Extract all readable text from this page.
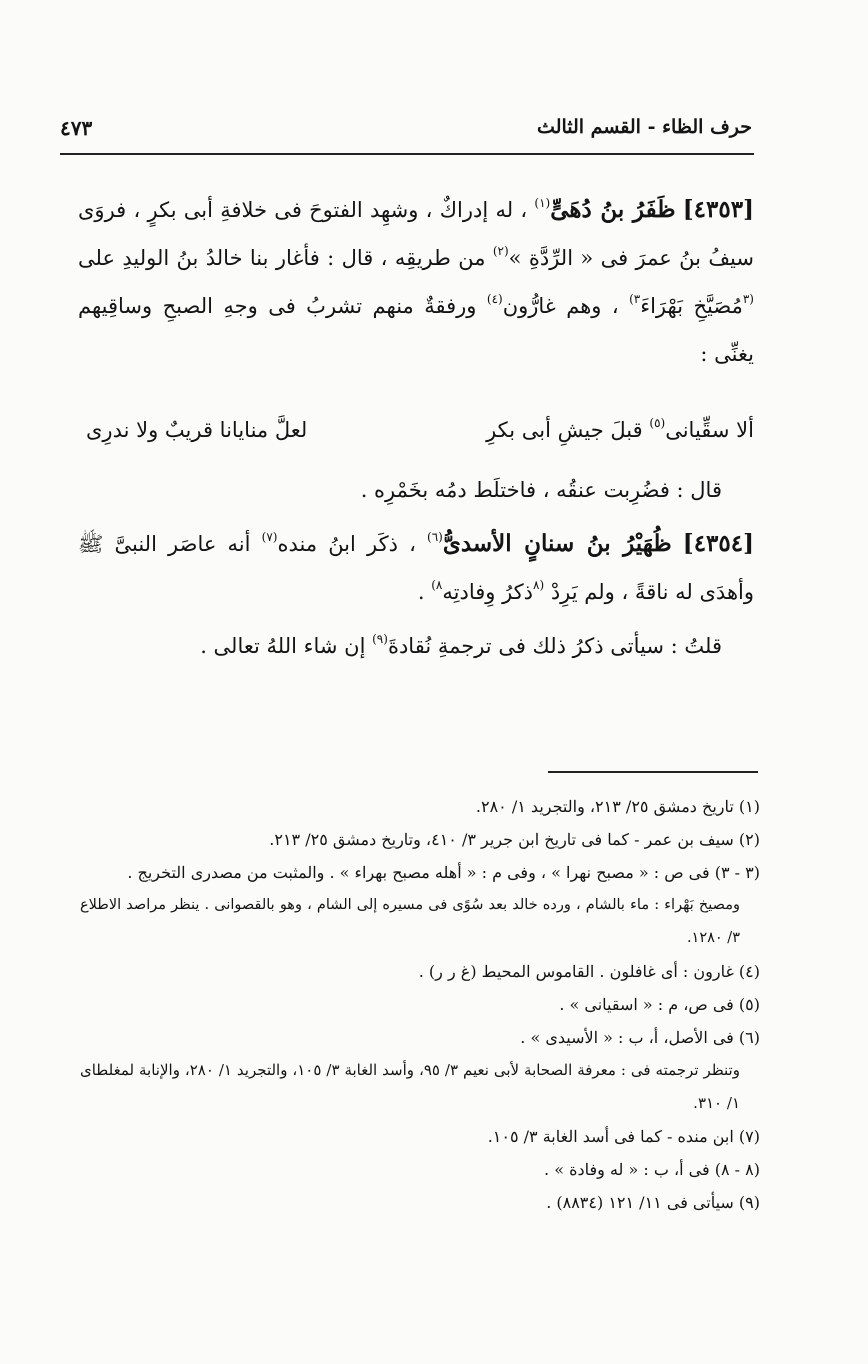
حرف الظاء - القسم الثالث
٤٧٣

[٤٣٥٣] ظَفَرُ بنُ دُهَىٍّ$^{(١)}$ ، له إدراكٌ ، وشهِد الفتوحَ فى خلافةِ أبى بكرٍ ، فروَى سيفُ بنُ عمرَ فى « الرِّدَّةِ »$^{(٢)}$ من طريقِه ، قال : فأغار بنا خالدُ بنُ الوليدِ على $^{(٣}$مُصَيَّخِ بَهْرَاءَ$^{٣)}$ ، وهم غارُّون$^{(٤)}$ ورفقةٌ منهم تشربُ فى وجهِ الصبحِ وساقِيهم يغنِّى :

ألا سقِّيانى$^{(٥)}$ قبلَ جيشِ أبى بكرِ
لعلَّ منايانا قريبٌ ولا ندرِى

قال : فضُرِبت عنقُه ، فاختلَط دمُه بخَمْرِه .

[٤٣٥٤] ظُهَيْرُ بنُ سنانٍ الأسدىُّ$^{(٦)}$ ، ذكَر ابنُ منده$^{(٧)}$ أنه عاصَر النبىَّ ﷺ وأهدَى له ناقةً ، ولم يَرِدْ $^{(٨}$ذكرُ وِفادتِه$^{٨)}$ .

قلتُ : سيأتى ذكرُ ذلك فى ترجمةِ نُقادةَ$^{(٩)}$ إن شاء اللهُ تعالى .

(١) تاريخ دمشق ٢٥/ ٢١٣، والتجريد ١/ ٢٨٠.

(٢) سيف بن عمر - كما فى تاريخ ابن جرير ٣/ ٤١٠، وتاريخ دمشق ٢٥/ ٢١٣.

(٣ - ٣) فى ص : « مصبح نهرا » ، وفى م : « أهله مصبح بهراء » . والمثبت من مصدرى التخريج .

ومصيخ بَهْراء : ماء بالشام ، ورده خالد بعد سُوًى فى مسيره إلى الشام ، وهو بالقصوانى . ينظر مراصد الاطلاع ٣/ ١٢٨٠.

(٤) غارون : أى غافلون . القاموس المحيط (غ ر ر) .

(٥) فى ص، م : « اسقيانى » .

(٦) فى الأصل، أ، ب : « الأسيدى » .

وتنظر ترجمته فى : معرفة الصحابة لأبى نعيم ٣/ ٩٥، وأسد الغابة ٣/ ١٠٥، والتجريد ١/ ٢٨٠، والإنابة لمغلطاى ١/ ٣١٠.

(٧) ابن منده - كما فى أسد الغابة ٣/ ١٠٥.

(٨ - ٨) فى أ، ب : « له وفادة » .

(٩) سيأتى فى ١١/ ١٢١ (٨٨٣٤) .
